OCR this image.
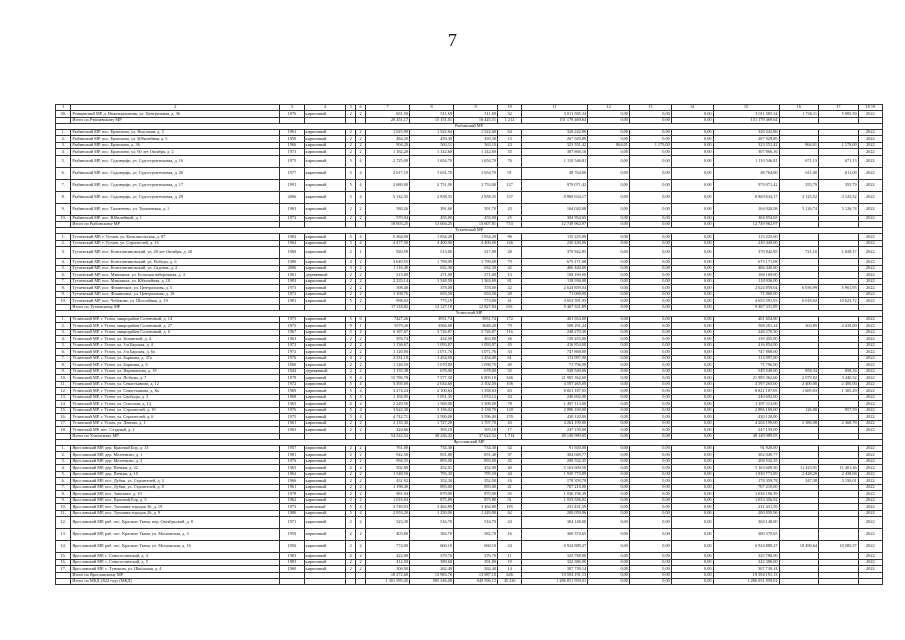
7
1	2	3	4	5	6	7	8	9	10	11	12	13	14	15	16	17	18 19
30.	Ртищевский МР, д. Нижнекатовник, ул. Центральная, д. 36	1976	кирпичный	2	2	661,50	511,69	511,69	32	3 011 585,34	0,00	0,00	0,00	3 011 585,34	1 736,11	5 905,59	2022
	Итого по Ртищевскому МР					20 451,17	15 151,01	16 445,51	1 212	151 179 469,64	0,00	0,00	0,00	151 179 469,64			
Рыбинский МР																	
1.	Рыбинский МР, пос. Ермолино, ул. Водопьян, д. 5	1961	кирпичный	2	2	1 025,90	1 522,64	1 522,60	64	320 242,86	0,00	0,00	0,00	320 242,86			2022
2.	Рыбинский МР, пос. Ермолино, ул. Юбилейная, д. 5	1959	кирпичный	2	2	484,20	459,30	459,30	13	267 929,89	0,00	0,00	0,00	267 929,89			2022
3.	Рыбинский МР, пос. Ермолино, д. 36	1966	кирпичный	2	2	904,20	563,11	563,10	23	323 551,42	864,01	1 179,00	0,00	323 551,42	864,01	1 179,00	2022
4.	Рыбинский МР, пос. Ермолино, ул. 60 лет Октября, д. 2	1973	кирпичный	2	2	1 162,20	1 142,60	1 142,60	35	307 866,16	0,00	0,00	0,00	307 866,16			2022
5.	Рыбинский МР, пос. Судоверфь, ул. Судостроительная, д. 16	1975	кирпичный	5	4	2 725,00	1 654,70	1 654,70	76	1 110 546,81	0,00	0,00	0,00	1 110 546,81	671,13	671,13	2022
6.	Рыбинский МР, пос. Судоверфь, ул. Судостроительная, д. 20	1977	кирпичный	5	4	2 617,10	1 651,70	1 654,70	91	48 764,06	0,00	0,00	0,00	48 764,06	611,00	611,00	2022
7.	Рыбинский МР, пос. Судоверфь, ул. Судостроительная, д. 17	1991	кирпичный	5	4	2 680,00	2 751,00	2 753,00	127	979 071,42	0,00	0,00	0,00	979 071,42	355,79	355,79	2022
8.	Рыбинский МР, пос. Судоверфь, ул. Судостроительная, д. 29	2006	кирпичный	5	4	5 142,45	2 838,35	2 838,35	137	8 869 634,17	0,00	0,00	0,00	8 869 634,17	3 125,52	3 125,52	2022
9.	Рыбинский МР, пос. Тихменево, ул. Тихменевая, д. 1	1963	кирпичный	2	2	580,26	391,60	391,70	25	164 020,08	0,00	0,00	0,00	164 020,08	5 126,74	5 126,74	2022
10.	Рыбинский МР, пос. Юбилейный, д. 1	1972	кирпичный	2	2	570,94	455,00	455,00	25	304 954,65	0,00	0,00	0,00	304 954,65			2022
	Итого по Рыбинскому МР					18 003,25	13 604,25	13 607,81	733	12 749 962,97	0,00	0,00	0,00	12 749 962,97			
Тутаевский МР																	
1.	Тутаевский МР, г. Тутаев, ул. Комсомольская, д. 87	1982	кирпичный	5	4	5 364,00	1 834,20	1 834,20	96	115 225,00	0,00	0,00	0,00	115 225,00			2022
2.	Тутаевский МР, г. Тутаев, ул. Строителей, д. 14	1964	кирпичный	5	4	4 477,50	4 400,00	4 400,00	146	230 440,00	0,00	0,00	0,00	230 440,00			2022
3.	Тутаевский МР, пос. Константиновский, ул. 20 лет Октября, д. 20	1969	кирпичный	2	1	920,59	513,00	517,80	28	370 842,85	0,00	0,00	0,00	370 842,85	721,10	1 028,17	2022
4.	Тутаевский МР, пос. Константиновский, ул. Победы, д. 6	1986	кирпичный	4	2	3 649,55	1 799,09	1 799,09	79	675 171,08	0,00	0,00	0,00	675 171,08			2022
5.	Тутаевский МР, пос. Константиновский, ул. Садовая, д. 2	2006	кирпичный	3	2	1 116,40	632,30	632,30	42	466 440,00	0,00	0,00	0,00	466 440,00			2022
6.	Тутаевский МР, пос. Микляиха, ул. Большая набережная, д. 3	1961	деревянный	2	2	315,00	271,00	271,00	13	168 169,00	0,00	0,00	0,00	168 169,00			2022
7.	Тутаевский МР, пос. Микляиха, ул. Юбилейная, д. 10	1983	кирпичный	2	2	2 235,14	1 548,59	1 363,69	81	118 936,00	0,00	0,00	0,00	118 936,00			2022
8.	Тутаевский МР, пос. Фоминское, ул. Центральная, д. 5	1973	кирпичный	2	2	398,40	378,00	378,00	42	2 624 859,04	0,00	0,00	0,00	2 624 859,04	6 036,99	5 961,95	2022
9.	Тутаевский МР, пос. Фоминское, ул. Центральная, д. 18	1972	кирпичный	2	2	1 108,76	653,50	653,50	29	71 068,00	0,00	0,00	0,00	71 068,00			2022
10.	Тутаевский МР, пос. Чебаково, ул. Шоссейная, д. 19	1981	кирпичный	5	2	998,02	773,19	773,00	41	4 653 591,93	0,00	0,00	0,00	4 653 591,93	6 018,02	10 623,72	2022
	Итого по Тутаевскому МР					17 118,82	12 127,18	12 827,84	631	9 467 331,89	0,00	0,00	0,00	9 467 331,89			
Угличский МР																	
1.	Угличский МР, г. Углич, микрорайон Солнечный, д. 14	1975	кирпичный	5	6	7427,26	3951,74	3951,74	172	401 654,00	0,00	0,00	0,00	401 654,00			2022
2.	Угличский МР, г. Углич, микрорайон Солнечный, д. 27	1975	кирпичный	9	1	5579,20	3566,60	3648,20	79	508 291,24	0,00	0,00	0,00	508 291,24	363,85	2 410,00	2022
3.	Угличский МР, г. Углич, микрорайон Солнечный, д. 6	1967	кирпичный	5	4	6 187,67	3 726,87	3 726,87	116	248 270,30	0,00	0,00	0,00	248 270,30			2022
4.	Угличский МР, г. Углич, ул. Зелинской, д. 4	1963	кирпичный	2	2	593,74	432,00	463,80	26	139 455,00	0,00	0,00	0,00	139 455,00			2022
5.	Угличский МР, г. Углич, ул. 3-я Барская, д. 4	1973	кирпичный	2	2	1 136,67	1 093,87	1 093,87	45	416 854,00	0,00	0,00	0,00	416 854,00			2022
6.	Угличский МР, г. Углич, ул. 3-я Барская, д. 6а	1972	кирпичный	2	2	1 120,00	1 071,76	1 071,76	33	747 868,00	0,00	0,00	0,00	747 868,00			2022
7.	Угличский МР, г. Углич, ул. Бармина, д. 37а	1976	кирпичный	4	2	2 331,19	1 454,00	1 454,00	61	113 997,00	0,00	0,00	0,00	113 997,00			2022
8.	Угличский МР, г. Углич, ул. Бармина, д. 6	1960	кирпичный	2	2	1 126,50	1 070,80	1 098,70	49	71 796,00	0,00	0,00	0,00	71 796,00			2022
9.	Угличский МР, г. Углич, ул. Нариманова, д. 19	1944	деревянный	2	2	1 135,38	678,00	678,00	35	549 549,00	0,00	0,00	0,00	549 549,00	858,34	858,34	2022
10.	Угличский МР, г. Углич, ул. Победы, д. 7	1978	кирпичный	9	4	15 786,78	7 577,30	6 805,10	346	21 985 362,60	0,00	0,00	0,00	21 985 362,60	2 979,82	3 440,52	2022
11.	Угличский МР, г. Углич, ул. Севастьянова, д. 12	1972	кирпичный	5	4	3 395,00	2 034,60	2 102,50	106	4 597 265,00	0,00	0,00	0,00	4 597 265,00	2 400,00	2 400,00	2022
12.	Угличский МР, г. Углич, ул. Севастьянова, д. 8а	1969	кирпичный	5	4	3 274,24	2 100,63	1 358,63	63	8 821 187,05	0,00	0,00	0,00	8 821 187,05	1 685,03	1 305,29	2022
13.	Угличский МР, г. Углич, ул. Свободы, д. 3	1968	кирпичный	5	4	1 164,95	1 051,35	1 074,12	24	240 692,00	0,00	0,00	0,00	240 692,00			2022
14.	Угличский МР, г. Углич, ул. Спасская, д. 14	1965	кирпичный	2	2	2 249,50	1 569,00	1 308,00	78	1 497 113,00	0,00	0,00	0,00	1 497 113,00			2022
15.	Угличский МР, г. Углич, ул. Строителей, д. 19	1976	кирпичный	5	4	3 622,30	3 136,02	3 138,70	120	2 886 169,00	0,00	0,00	0,00	2 886 169,00	126,00	857,59	2022
16.	Угличский МР, г. Углич, ул. Строителей, д. 6	1975	кирпичный	5	4	4 742,71	3 590,00	3 596,00	155	430 120,00	0,00	0,00	0,00	430 120,00			2022
17.	Угличский МР, г. Углич, ул. Ленина, д. 1	1961	кирпичный	2	2	2 133,30	1 727,20	1 707,70	43	4 204 199,00	0,00	0,00	0,00	4 204 199,00	2 386,98	2 368,78	2022
18.	Угличский МР, пос. Слудный, д. 2	1963	кирпичный	2	2	424,66	395,10	395,10	17	247 159,00	0,00	0,00	0,00	247 159,00			2022
	Итого по Угличскому МР					54 522,52	38 236,32	37 622,52	1 714	49 149 989,05	0,00	0,00	0,00	49 149 989,05			
Ярославский МР																	
1.	Ярославский МР, дер. Красный Бор, д. 13	1957	кирпичный	2	2	761,00	734,30	734,30	32	91 920,00	0,00	0,00	0,00	91 920,00			2022
2.	Ярославский МР, дер. Меленково, д. 1	1981	кирпичный	2	2	942,50	851,80	851,40	37	302 049,77	0,00	0,00	0,00	302 049,77			2022
3.	Ярославский МР, дер. Меленково, д. 2	1976	кирпичный	2	2	994,35	893,00	893,00	45	208 532,35	0,00	0,00	0,00	208 532,35			2022
4.	Ярославский МР, дер. Пеньки, д. 22	1965	кирпичный	2	2	502,80	452,01	452,00	40	5 163 609,50	0,00	0,00	0,00	5 163 609,50	11 423,91	11 401,46	2022
5.	Ярославский МР, дер. Пеньки, д. 10	1962	кирпичный	2	2	1 548,50	795,30	795,50	44	1 930 773,89	0,00	0,00	0,00	1 930 773,89	2 428,29	2 438,68	2022
6.	Ярославский МР, пос. Дубки, ул. Строителей, д. 3	1966	кирпичный	2	2	431,92	352,30	352,50	16	178 359,78	0,00	0,00	0,00	178 359,78	347,38	3 150,01	2022
7.	Ярославский МР, пос. Дубки, ул. Строителей, д. 8	1961	кирпичный	2	2	1 198,40	893,00	893,00	41	767 210,00	0,00	0,00	0,00	767 210,00			2022
8.	Ярославский МР, пос. Заволжье, д. 10	1978	кирпичный	2	2	981,94	879,90	879,90	45	1 036 196,39	0,00	0,00	0,00	1 036 196,39			2022
9.	Ярославский МР, пос. Красный Бор, д. 5	1962	кирпичный	2	2	1 016,84	875,80	875,80	31	1 033 356,02	0,00	0,00	0,00	1 033 356,02			2022
10.	Ярославский МР, пос. Туношна-городок 26, д. 19	1973	панельный	5	4	3 749,03	3 464,80	3 464,80	185	231 431,59	0,00	0,00	0,00	231 431,59			2022
11.	Ярославский МР, пос. Туношна-городок 26, д. 9	1986	кирпичный	5	4	2 953,20	1 250,00	1 249,90	62	200 059,96	0,00	0,00	0,00	200 059,96			2022
12.	Ярославский МР, раб. пос. Красные Ткачи, пер. Октябрьский, д. 8	1971	кирпичный	2	2	523,30	516,70	516,70	24	304 148,00	0,00	0,00	0,00	304 148,00			2022
13.	Ярославский МР, раб. пос. Красные Ткачи, ул. Московская, д. 3	1959	кирпичный	2	2	403,80	382,70	382,70	16	360 370,65	0,00	0,00	0,00	360 370,65			2022
14.	Ярославский МР, раб. пос. Красные Ткачи, ул. Московская, д. 16	1956	кирпичный	2	2	774,00	660,10	660,10	34	6 924 889,27	0,00	0,00	0,00	6 924 889,27	10 490,64	10 585,57	2022
15.	Ярославский МР, с. Сеньгостинский, д. 4	1983	кирпичный	2	2	422,00	379,70	376,70	11	325 788,00	0,00	0,00	0,00	325 788,00			2022
16.	Ярославский МР, с. Сеньгостинский, д. 5	1983	кирпичный	2	2	412,00	389,60	391,00	19	322 386,00	0,00	0,00	0,00	322 386,00			2022
17.	Ярославский МР, с. Туношна, ул. Школьная, д. 4	1960	кирпичный	2	2	306,90	262,40	262,40	14	307 739,14	0,00	0,00	0,00	307 739,14			2022
	Итого по Ярославскому МР					18 272,68	13 983,76	13 987,10	646	19 594 191,13	0,00	0,00	0,00	19 594 191,13			
	Итого по МКД 2022 году (МКД)					1 301 395,45	985 346,08	949 596,12	45 226	1 286 051 959,01	0,00	0,00	0,00	1 286 051 959,01			
